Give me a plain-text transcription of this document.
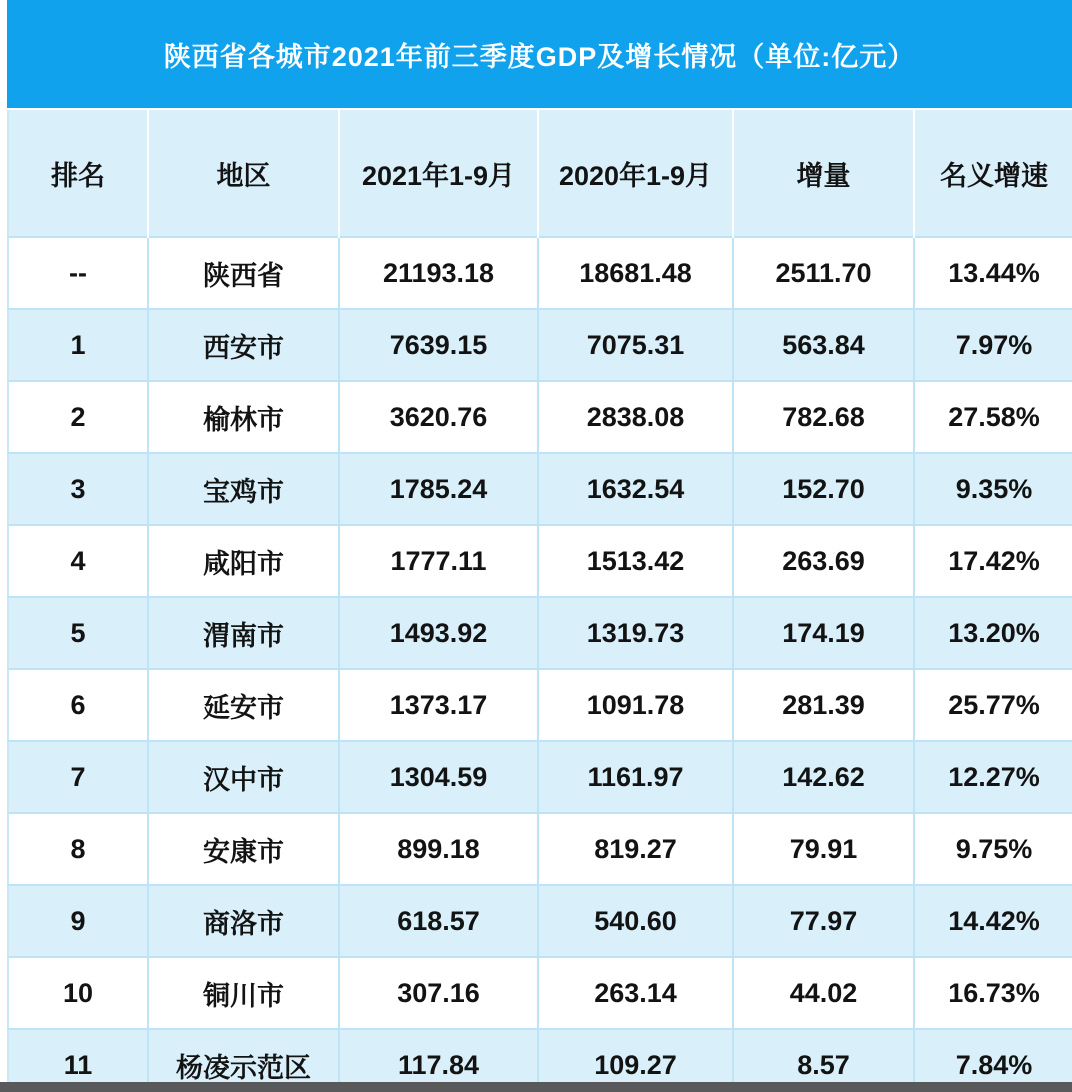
陕西省各城市2021年前三季度GDP及增长情况（单位:亿元）
排名	地区	2021年1-9月	2020年1-9月	增量	名义增速
--	陕西省	21193.18	18681.48	2511.70	13.44%
1	西安市	7639.15	7075.31	563.84	7.97%
2	榆林市	3620.76	2838.08	782.68	27.58%
3	宝鸡市	1785.24	1632.54	152.70	9.35%
4	咸阳市	1777.11	1513.42	263.69	17.42%
5	渭南市	1493.92	1319.73	174.19	13.20%
6	延安市	1373.17	1091.78	281.39	25.77%
7	汉中市	1304.59	1161.97	142.62	12.27%
8	安康市	899.18	819.27	79.91	9.75%
9	商洛市	618.57	540.60	77.97	14.42%
10	铜川市	307.16	263.14	44.02	16.73%
11	杨凌示范区	117.84	109.27	8.57	7.84%
